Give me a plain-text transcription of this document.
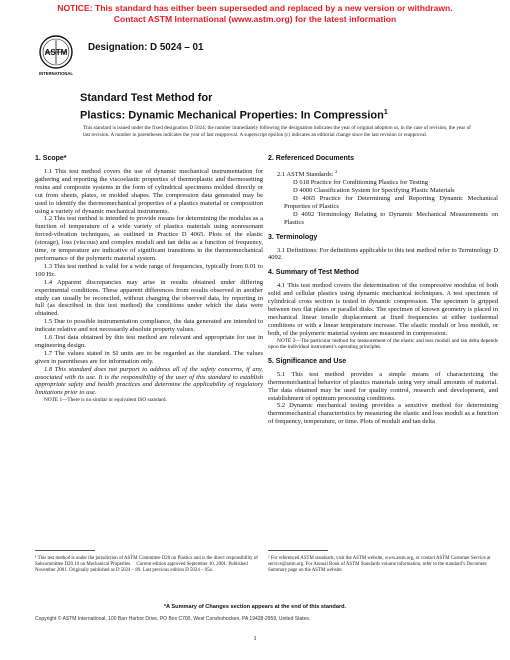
NOTICE: This standard has either been superseded and replaced by a new version or withdrawn.
Contact ASTM International (www.astm.org) for the latest information
ASTM
INTERNATIONAL
Designation: D 5024 – 01
Standard Test Method for
Plastics: Dynamic Mechanical Properties: In Compression$^1$
This standard is issued under the fixed designation D 5024; the number immediately following the designation indicates the year of original adoption or, in the case of revision, the year of last revision. A number in parentheses indicates the year of last reapproval. A superscript epsilon (ε) indicates an editorial change since the last revision or reapproval.
1. Scope*

1.1 This test method covers the use of dynamic mechanical instrumentation for gathering and reporting the viscoelastic properties of thermoplastic and thermosetting resins and composite systems in the form of cylindrical specimens molded directly or cut from sheets, plates, or molded shapes. The compression data generated may be used to identify the thermomechanical properties of a plastics material or composition using a variety of dynamic mechanical instruments.

1.2 This test method is intended to provide means for determining the modulus as a function of temperature of a wide variety of plastics materials using nonresonant forced-vibration techniques, as outlined in Practice D 4065. Plots of the elastic (storage), loss (viscous) and complex moduli and tan delta as a function of frequency, time, or temperature are indicative of significant transitions in the thermomechanical performance of the polymeric material system.

1.3 This test method is valid for a wide range of frequencies, typically from 0.01 to 100 Hz.

1.4 Apparent discrepancies may arise in results obtained under differing experimental conditions. These apparent differences from results observed in another study can usually be reconciled, without changing the observed data, by reporting in full (as described in this test method) the conditions under which the data were obtained.

1.5 Due to possible instrumentation compliance, the data generated are intended to indicate relative and not necessarily absolute property values.

1.6 Test data obtained by this test method are relevant and appropriate for use in engineering design.

1.7 The values stated in SI units are to be regarded as the standard. The values given in parentheses are for information only.

1.8 This standard does not purport to address all of the safety concerns, if any, associated with its use. It is the responsibility of the user of this standard to establish appropriate safety and health practices and determine the applicability of regulatory limitations prior to use.

NOTE 1—There is no similar or equivalent ISO standard.

2. Referenced Documents

2.1 ASTM Standards: $^2$

D 618 Practice for Conditioning Plastics for Testing

D 4000 Classification System for Specifying Plastic Materials

D 4065 Practice for Determining and Reporting Dynamic Mechanical Properties of Plastics

D 4092 Terminology Relating to Dynamic Mechanical Measurements on Plastics

3. Terminology

3.1 Definitions: For definitions applicable to this test method refer to Terminology D 4092.

4. Summary of Test Method

4.1 This test method covers the determination of the compressive modulus of both solid and cellular plastics using dynamic mechanical techniques. A test specimen of cylindrical cross section is tested in dynamic compression. The specimen is gripped between two flat plates or parallel disks. The specimen of known geometry is placed in mechanical linear tensile displacement at fixed frequencies at either isothermal conditions or with a linear temperature increase. The elastic moduli or loss moduli, or both, of the polymeric material system are measured in compression.

NOTE 2—The particular method for measurement of the elastic and loss moduli and tan delta depends upon the individual instrument’s operating principles.

5. Significance and Use

5.1 This test method provides a simple means of characterizing the thermomechanical behavior of plastics materials using very small amounts of material. The data obtained may be used for quality control, research and development, and establishment of optimum processing conditions.

5.2 Dynamic mechanical testing provides a sensitive method for determining thermomechanical characteristics by measuring the elastic and loss moduli as a function of frequency, temperature, or time. Plots of moduli and tan delta

¹ This test method is under the jurisdiction of ASTM Committee D20 on Plastics and is the direct responsibility of Subcommittee D20.10 on Mechanical Properties. Current edition approved September 10, 2001. Published November 2001. Originally published as D 5024 – 89. Last previous edition D 5024 – 95a.
² For referenced ASTM standards, visit the ASTM website, www.astm.org, or contact ASTM Customer Service at service@astm.org. For Annual Book of ASTM Standards volume information, refer to the standard’s Document Summary page on the ASTM website.
*A Summary of Changes section appears at the end of this standard.
Copyright © ASTM International, 100 Barr Harbor Drive, PO Box C700, West Conshohocken, PA 19428-2959, United States.
1
